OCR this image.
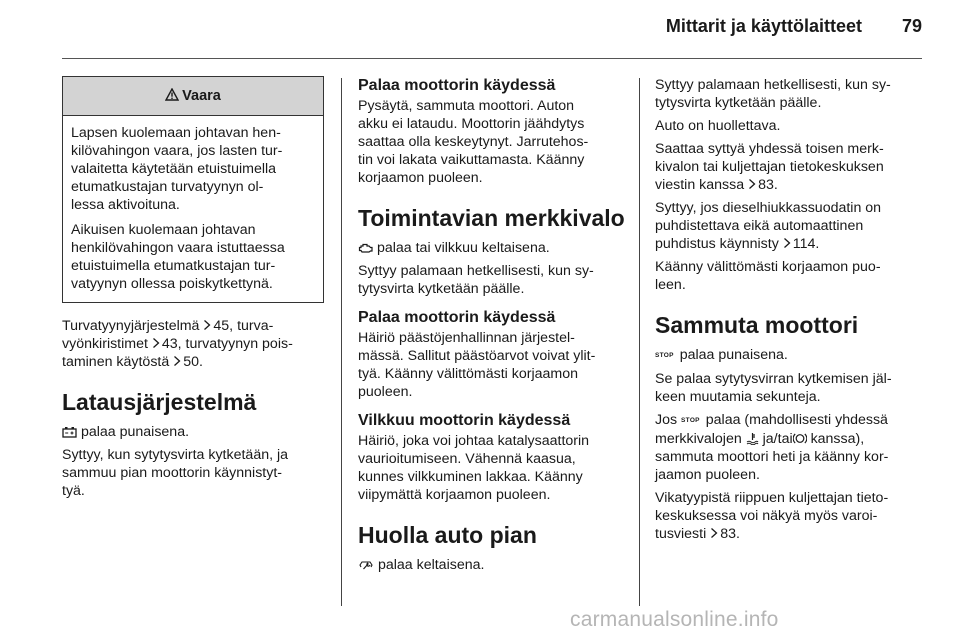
Mittarit ja käyttölaitteet 79
Vaara

Lapsen kuolemaan johtavan hen-
kilövahingon vaara, jos lasten tur-
valaitetta käytetään etuistuimella
etumatkustajan turvatyynyn ol-
lessa aktivoituna.

Aikuisen kuolemaan johtavan
henkilövahingon vaara istuttaessa
etuistuimella etumatkustajan tur-
vatyynyn ollessa poiskytkettynä.

Turvatyynyjärjestelmä 45, turva-
vyönkiristimet 43, turvatyynyn pois-
taminen käytöstä 50.

Latausjärjestelmä

palaa punaisena.

Syttyy, kun sytytysvirta kytketään, ja
sammuu pian moottorin käynnistyt-
tyä.

Palaa moottorin käydessä

Pysäytä, sammuta moottori. Auton
akku ei lataudu. Moottorin jäähdytys
saattaa olla keskeytynyt. Jarrutehos-
tin voi lakata vaikuttamasta. Käänny
korjaamon puoleen.

Toimintavian merkkivalo

palaa tai vilkkuu keltaisena.

Syttyy palamaan hetkellisesti, kun sy-
tytysvirta kytketään päälle.

Palaa moottorin käydessä

Häiriö päästöjenhallinnan järjestel-
mässä. Sallitut päästöarvot voivat ylit-
tyä. Käänny välittömästi korjaamon
puoleen.

Vilkkuu moottorin käydessä

Häiriö, joka voi johtaa katalysaattorin
vaurioitumiseen. Vähennä kaasua,
kunnes vilkkuminen lakkaa. Käänny
viipymättä korjaamon puoleen.

Huolla auto pian

palaa keltaisena.

Syttyy palamaan hetkellisesti, kun sy-
tytysvirta kytketään päälle.

Auto on huollettava.

Saattaa syttyä yhdessä toisen merk-
kivalon tai kuljettajan tietokeskuksen
viestin kanssa 83.

Syttyy, jos dieselhiukkassuodatin on
puhdistettava eikä automaattinen
puhdistus käynnisty 114.

Käänny välittömästi korjaamon puo-
leen.

Sammuta moottori

STOP palaa punaisena.

Se palaa sytytysvirran kytkemisen jäl-
keen muutamia sekunteja.

Jos STOP palaa (mahdollisesti yhdessä
merkkivalojen ja/tai kanssa),
sammuta moottori heti ja käänny kor-
jaamon puoleen.

Vikatyypistä riippuen kuljettajan tieto-
keskuksessa voi näkyä myös varoi-
tusviesti 83.

carmanualsonline.info
